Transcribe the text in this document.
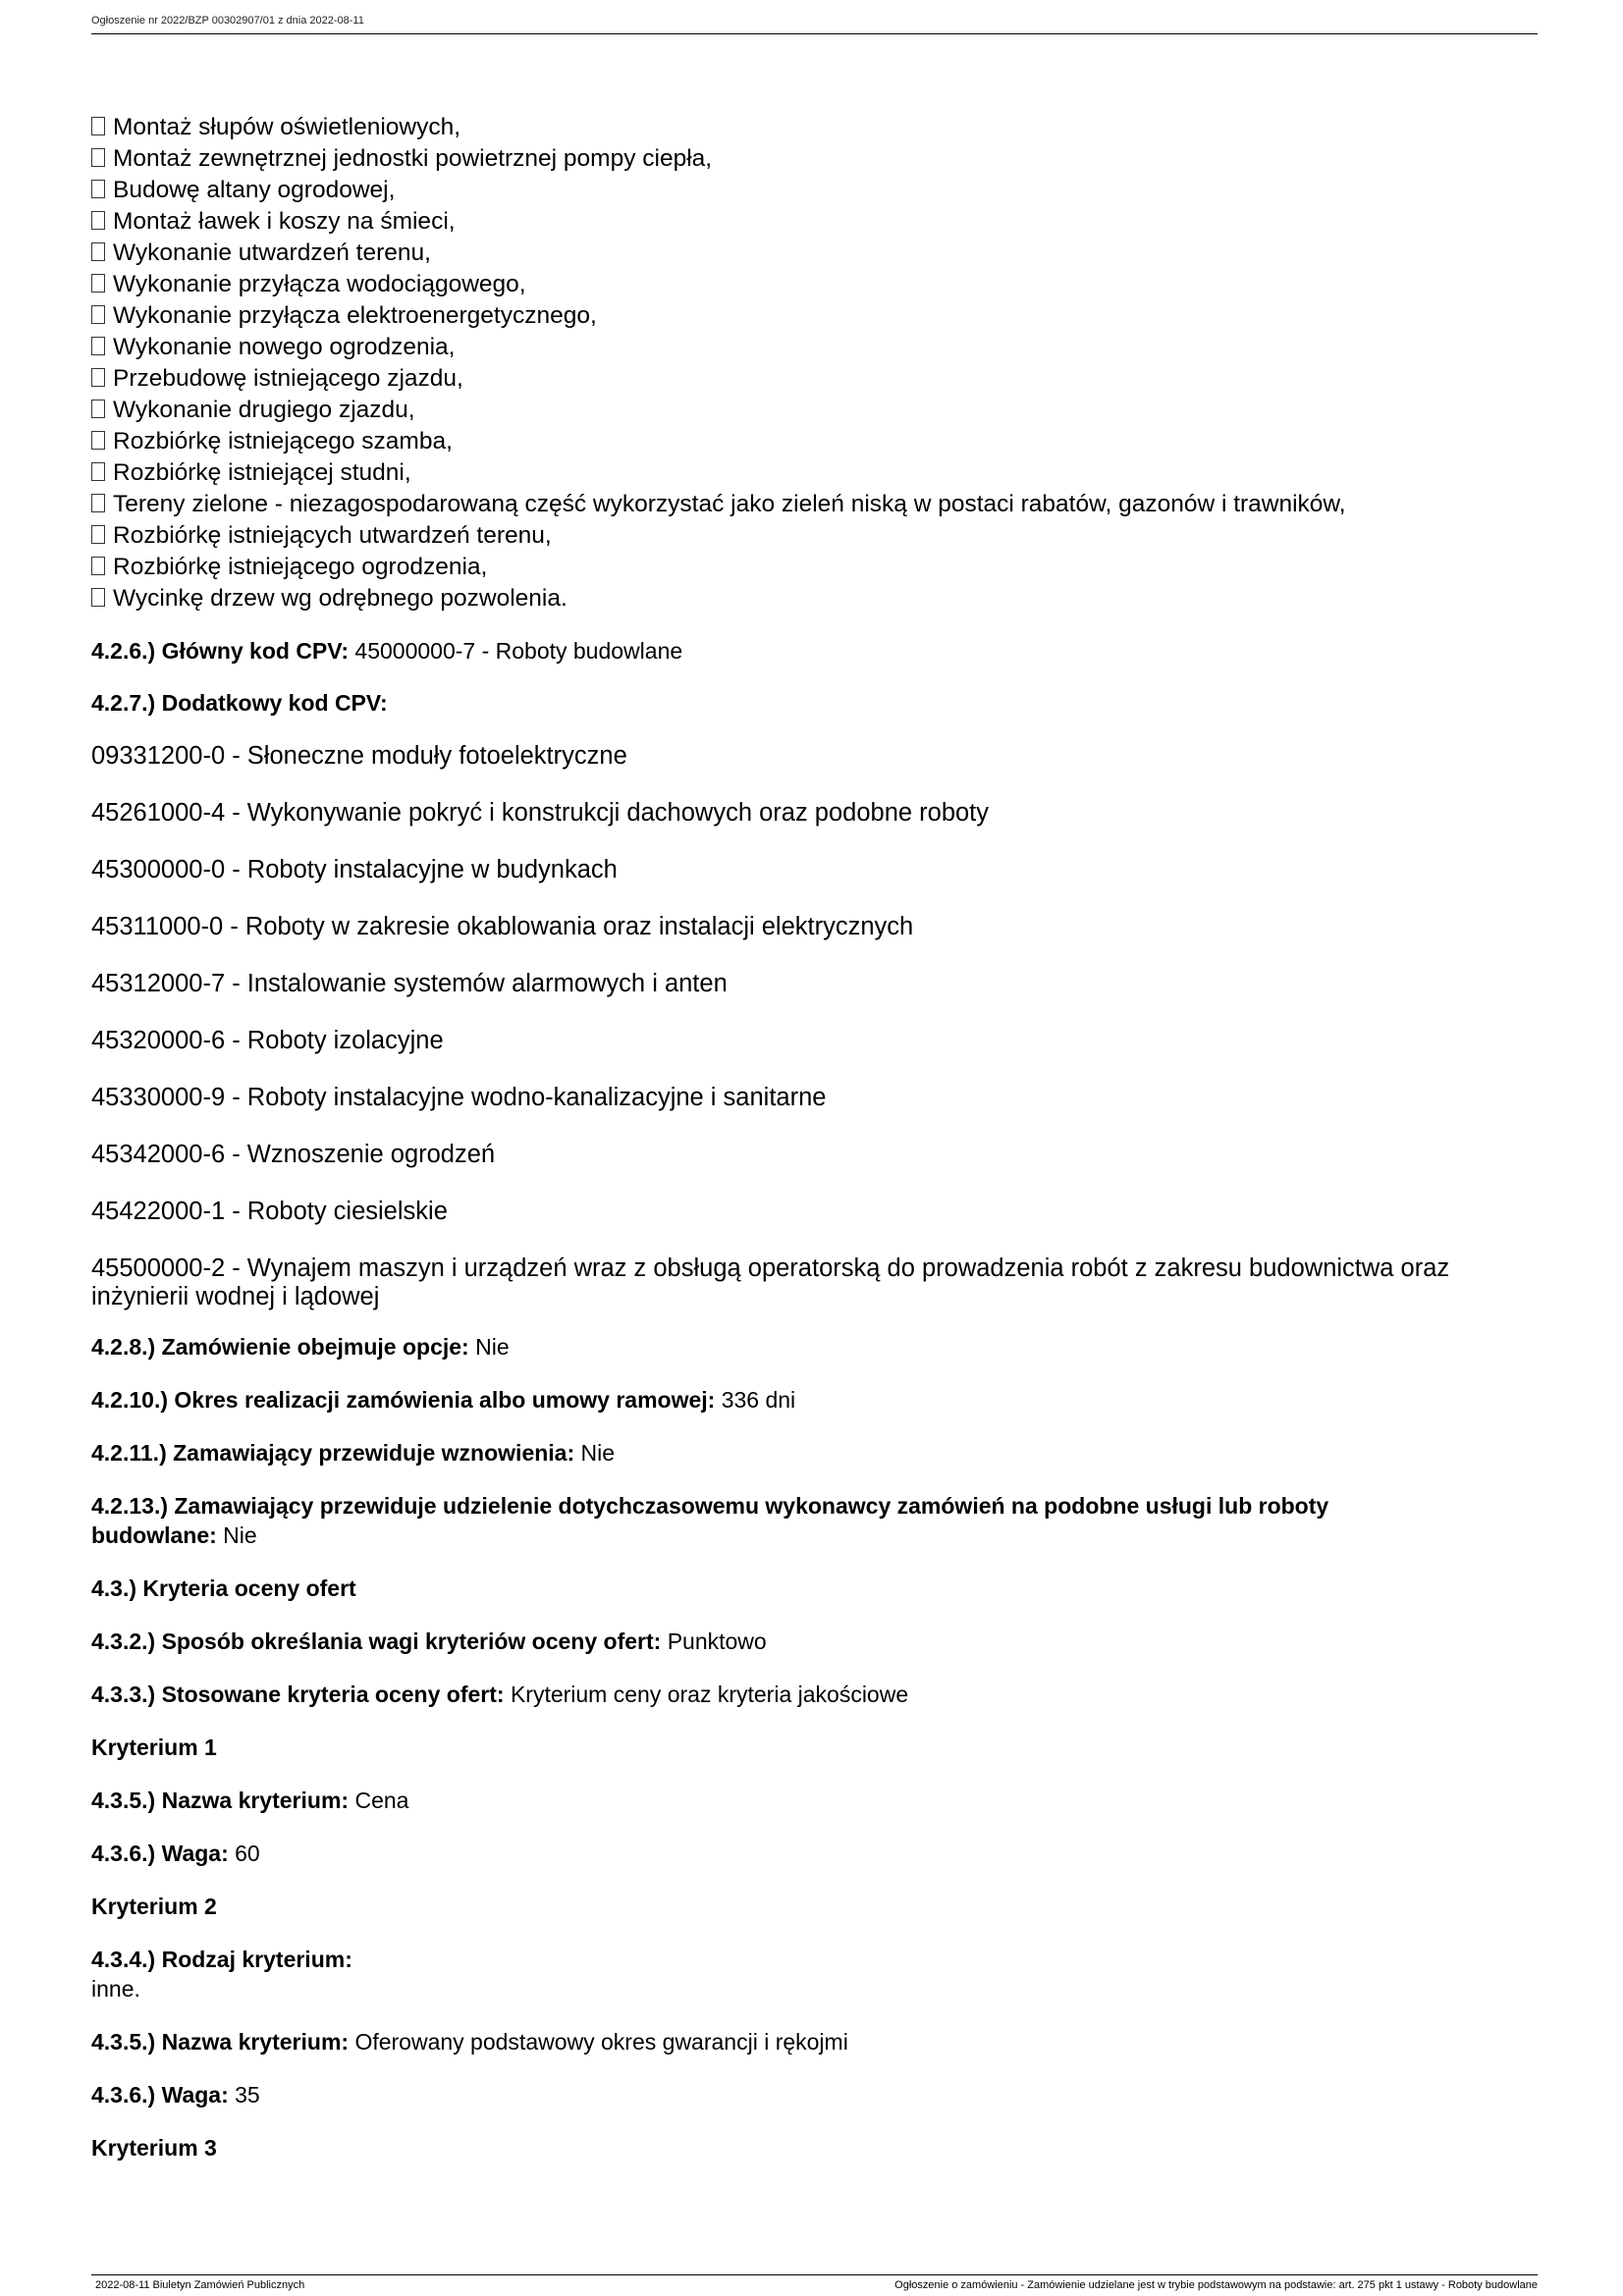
Ogłoszenie nr 2022/BZP 00302907/01 z dnia 2022-08-11
Montaż słupów oświetleniowych,
Montaż zewnętrznej jednostki powietrznej pompy ciepła,
Budowę altany ogrodowej,
Montaż ławek i koszy na śmieci,
Wykonanie utwardzeń terenu,
Wykonanie przyłącza wodociągowego,
Wykonanie przyłącza elektroenergetycznego,
Wykonanie nowego ogrodzenia,
Przebudowę istniejącego zjazdu,
Wykonanie drugiego zjazdu,
Rozbiórkę istniejącego szamba,
Rozbiórkę istniejącej studni,
Tereny zielone - niezagospodarowaną część wykorzystać jako zieleń niską w postaci rabatów, gazonów i trawników,
Rozbiórkę istniejących utwardzeń terenu,
Rozbiórkę istniejącego ogrodzenia,
Wycinkę drzew wg odrębnego pozwolenia.

4.2.6.) Główny kod CPV: 45000000-7 - Roboty budowlane

4.2.7.) Dodatkowy kod CPV:

09331200-0 - Słoneczne moduły fotoelektryczne
45261000-4 - Wykonywanie pokryć i konstrukcji dachowych oraz podobne roboty
45300000-0 - Roboty instalacyjne w budynkach
45311000-0 - Roboty w zakresie okablowania oraz instalacji elektrycznych
45312000-7 - Instalowanie systemów alarmowych i anten
45320000-6 - Roboty izolacyjne
45330000-9 - Roboty instalacyjne wodno-kanalizacyjne i sanitarne
45342000-6 - Wznoszenie ogrodzeń
45422000-1 - Roboty ciesielskie
45500000-2 - Wynajem maszyn i urządzeń wraz z obsługą operatorską do prowadzenia robót z zakresu budownictwa oraz
inżynierii wodnej i lądowej

4.2.8.) Zamówienie obejmuje opcje: Nie

4.2.10.) Okres realizacji zamówienia albo umowy ramowej: 336 dni

4.2.11.) Zamawiający przewiduje wznowienia: Nie

4.2.13.) Zamawiający przewiduje udzielenie dotychczasowemu wykonawcy zamówień na podobne usługi lub roboty
budowlane: Nie

4.3.) Kryteria oceny ofert

4.3.2.) Sposób określania wagi kryteriów oceny ofert: Punktowo

4.3.3.) Stosowane kryteria oceny ofert: Kryterium ceny oraz kryteria jakościowe

Kryterium 1

4.3.5.) Nazwa kryterium: Cena

4.3.6.) Waga: 60

Kryterium 2

4.3.4.) Rodzaj kryterium:
inne.

4.3.5.) Nazwa kryterium: Oferowany podstawowy okres gwarancji i rękojmi

4.3.6.) Waga: 35

Kryterium 3

2022-08-11 Biuletyn Zamówień Publicznych	Ogłoszenie o zamówieniu - Zamówienie udzielane jest w trybie podstawowym na podstawie: art. 275 pkt 1 ustawy - Roboty budowlane
